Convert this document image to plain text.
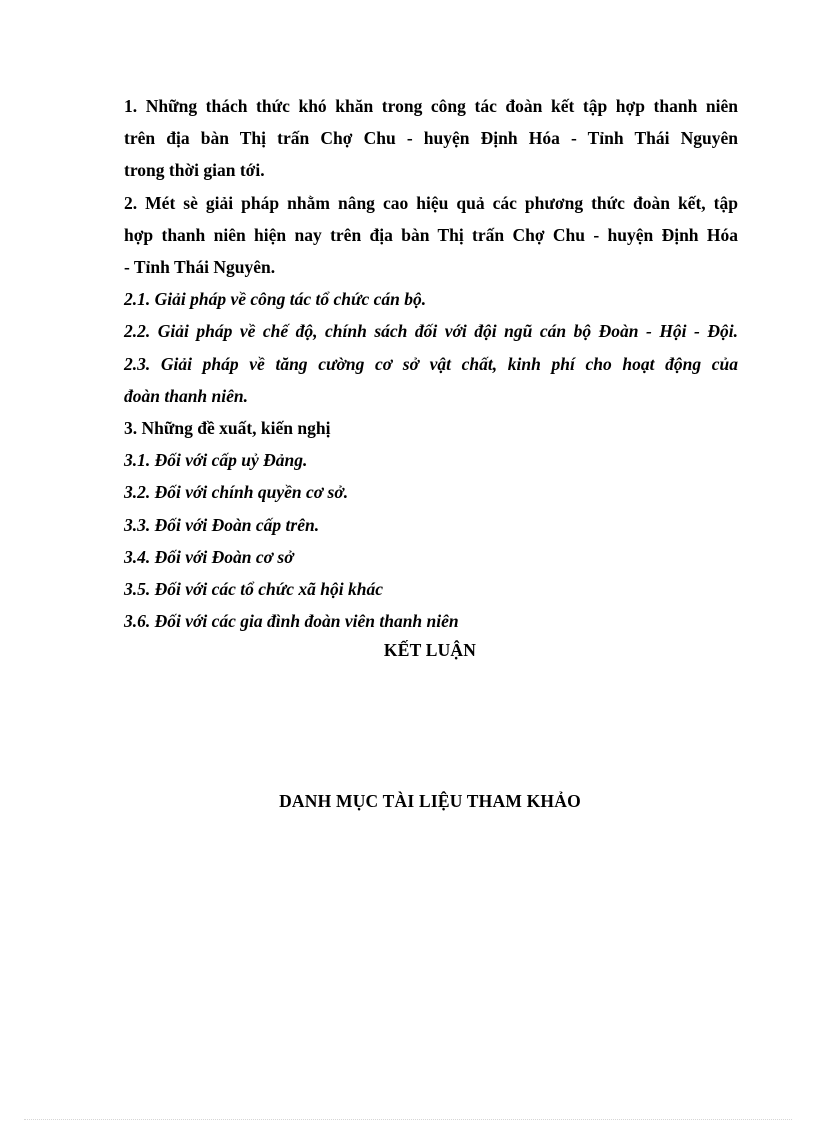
1. Những thách thức khó khăn trong công tác đoàn kết tập hợp thanh niên
trên địa bàn Thị trấn Chợ Chu - huyện Định Hóa - Tỉnh Thái Nguyên
trong thời gian tới.
2. Mét sè giải pháp nhằm nâng cao hiệu quả các phương thức đoàn kết, tập
hợp thanh niên hiện nay trên địa bàn Thị trấn Chợ Chu - huyện Định Hóa
- Tỉnh Thái Nguyên.
2.1. Giải pháp về công tác tổ chức cán bộ.
2.2. Giải pháp về chế độ, chính sách đối với đội ngũ cán bộ Đoàn - Hội - Đội.
2.3. Giải pháp về tăng cường cơ sở vật chất, kinh phí cho hoạt động của
đoàn thanh niên.
3. Những đề xuất, kiến nghị
3.1. Đối với cấp uỷ Đảng.
3.2. Đối với chính quyền cơ sở.
3.3. Đối với Đoàn cấp trên.
3.4. Đối với Đoàn cơ sở
3.5. Đối với các tổ chức xã hội khác
3.6. Đối với các gia đình đoàn viên thanh niên
KẾT LUẬN
DANH MỤC TÀI LIỆU THAM KHẢO
